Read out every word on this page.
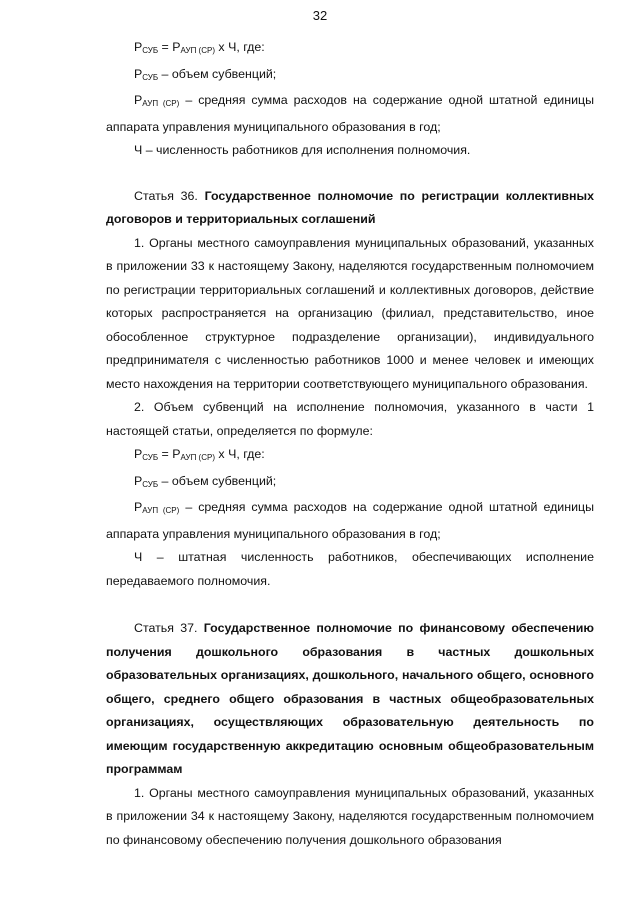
32

$Р_{СУБ} = Р_{АУП (СР)}$ х Ч, где:

$Р_{СУБ}$ – объем субвенций;

$Р_{АУП (СР)}$ – средняя сумма расходов на содержание одной штатной единицы аппарата управления муниципального образования в год;

Ч – численность работников для исполнения полномочия.

Статья 36. Государственное полномочие по регистрации коллективных договоров и территориальных соглашений

1. Органы местного самоуправления муниципальных образований, указанных в приложении 33 к настоящему Закону, наделяются государственным полномочием по регистрации территориальных соглашений и коллективных договоров, действие которых распространяется на организацию (филиал, представительство, иное обособленное структурное подразделение организации), индивидуального предпринимателя с численностью работников 1000 и менее человек и имеющих место нахождения на территории соответствующего муниципального образования.

2. Объем субвенций на исполнение полномочия, указанного в части 1 настоящей статьи, определяется по формуле:

$Р_{СУБ} = Р_{АУП (СР)}$ х Ч, где:

$Р_{СУБ}$ – объем субвенций;

$Р_{АУП (СР)}$ – средняя сумма расходов на содержание одной штатной единицы аппарата управления муниципального образования в год;

Ч – штатная численность работников, обеспечивающих исполнение передаваемого полномочия.

Статья 37. Государственное полномочие по финансовому обеспечению получения дошкольного образования в частных дошкольных образовательных организациях, дошкольного, начального общего, основного общего, среднего общего образования в частных общеобразовательных организациях, осуществляющих образовательную деятельность по имеющим государственную аккредитацию основным общеобразовательным программам

1. Органы местного самоуправления муниципальных образований, указанных в приложении 34 к настоящему Закону, наделяются государственным полномочием по финансовому обеспечению получения дошкольного образования
